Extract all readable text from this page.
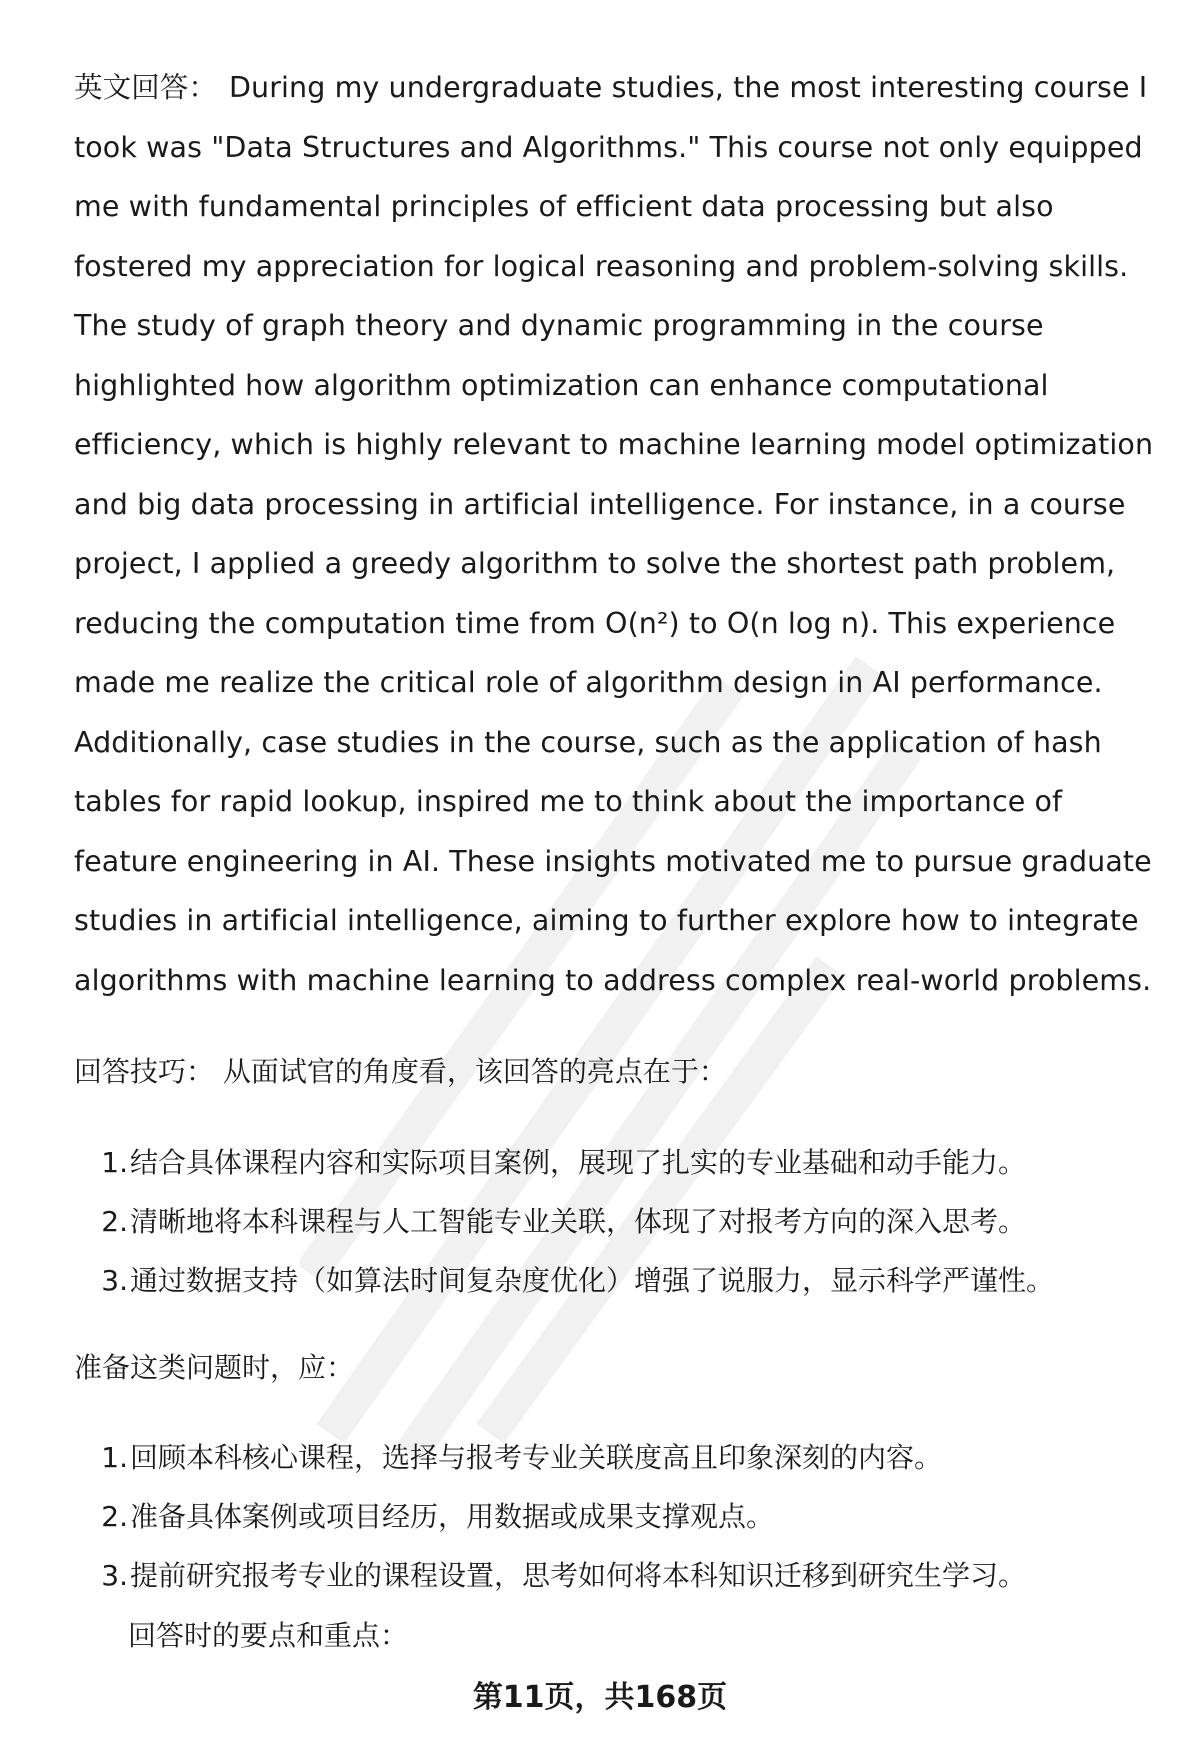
英文回答： During my undergraduate studies, the most interesting course I took was "Data Structures and Algorithms." This course not only equipped me with fundamental principles of efficient data processing but also fostered my appreciation for logical reasoning and problem-solving skills. The study of graph theory and dynamic programming in the course highlighted how algorithm optimization can enhance computational efficiency, which is highly relevant to machine learning model optimization and big data processing in artificial intelligence. For instance, in a course project, I applied a greedy algorithm to solve the shortest path problem, reducing the computation time from O(n²) to O(n log n). This experience made me realize the critical role of algorithm design in AI performance. Additionally, case studies in the course, such as the application of hash tables for rapid lookup, inspired me to think about the importance of feature engineering in AI. These insights motivated me to pursue graduate studies in artificial intelligence, aiming to further explore how to integrate algorithms with machine learning to address complex real-world problems.

回答技巧： 从面试官的角度看，该回答的亮点在于：

1.结合具体课程内容和实际项目案例，展现了扎实的专业基础和动手能力。
2.清晰地将本科课程与人工智能专业关联，体现了对报考方向的深入思考。
3.通过数据支持（如算法时间复杂度优化）增强了说服力，显示科学严谨性。

准备这类问题时，应：

1.回顾本科核心课程，选择与报考专业关联度高且印象深刻的内容。
2.准备具体案例或项目经历，用数据或成果支撑观点。
3.提前研究报考专业的课程设置，思考如何将本科知识迁移到研究生学习。

回答时的要点和重点：

第11页，共168页
